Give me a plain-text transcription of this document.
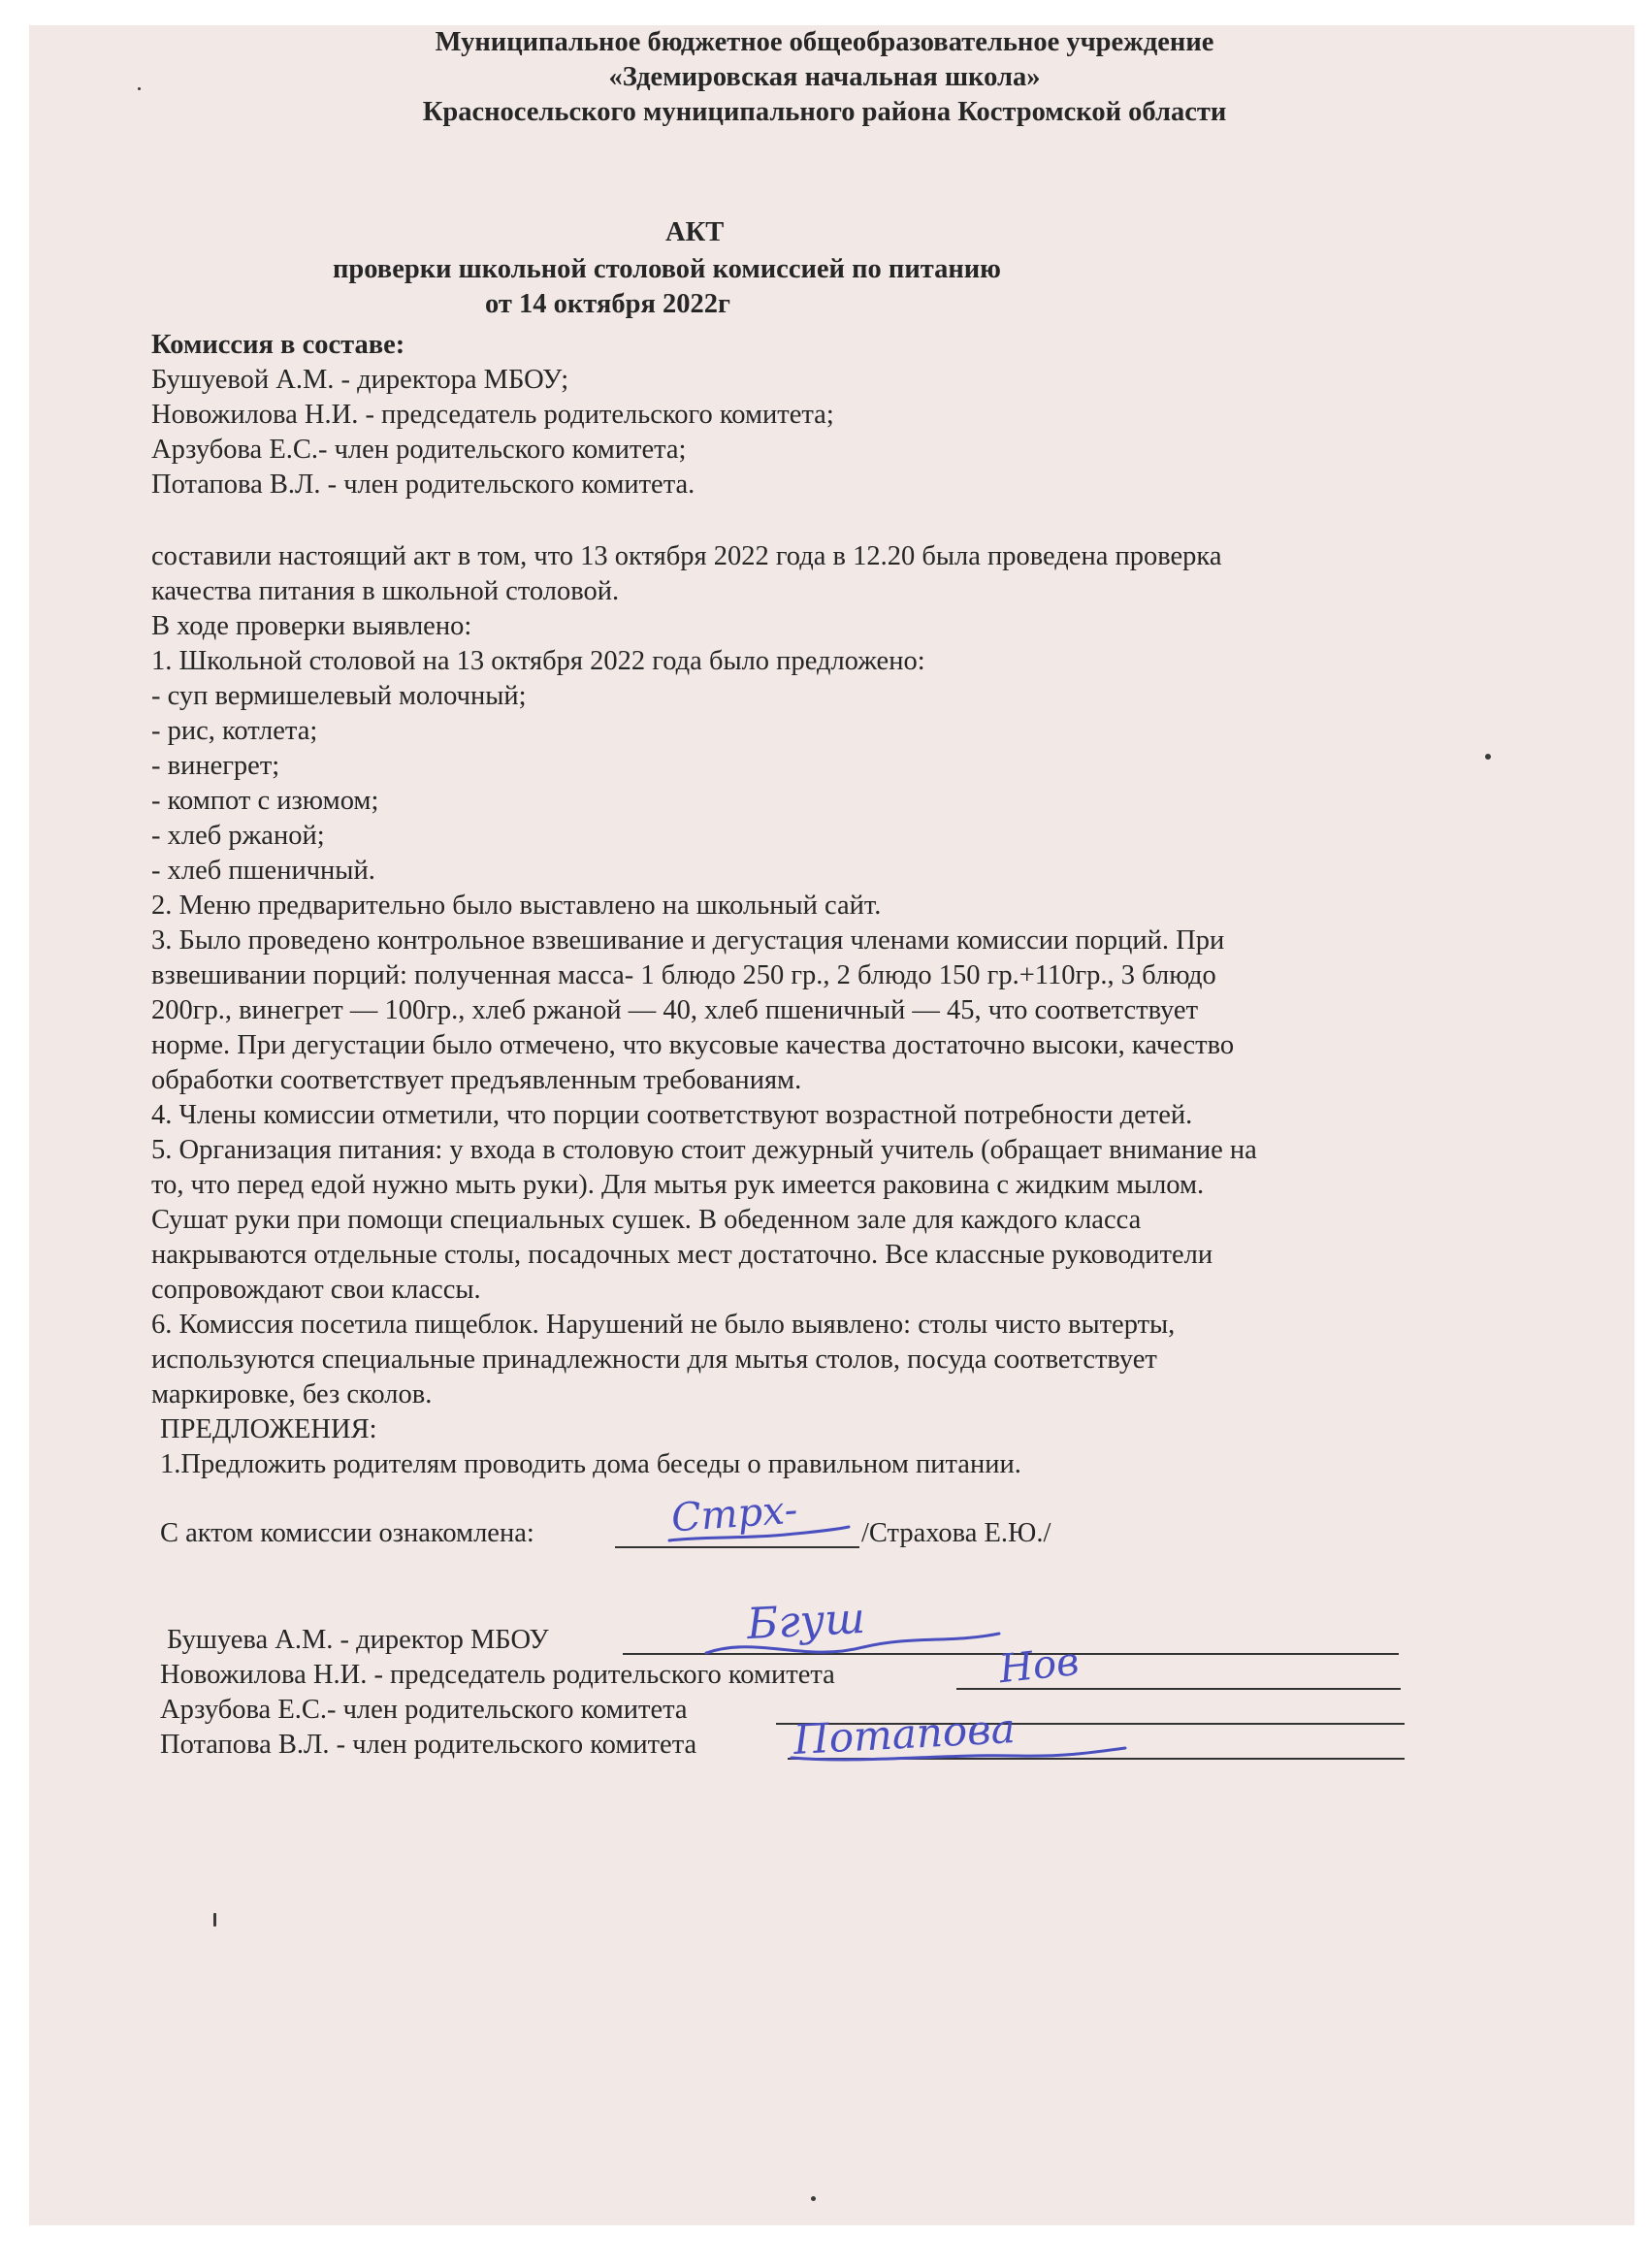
Муниципальное бюджетное общеобразовательное учреждение
«Здемировская начальная школа»
Красносельского муниципального района Костромской области
АКТ
проверки школьной столовой комиссией по питанию
от 14 октября 2022г
Комиссия в составе:
Бушуевой А.М. - директора МБОУ;
Новожилова Н.И. - председатель родительского комитета;
Арзубова Е.С.- член родительского комитета;
Потапова В.Л. - член родительского комитета.
составили настоящий акт в том, что 13 октября 2022 года в 12.20 была проведена проверка
качества питания в школьной столовой.
В ходе проверки выявлено:
1. Школьной столовой на 13 октября 2022 года было предложено:
- суп вермишелевый молочный;
- рис, котлета;
- винегрет;
- компот с изюмом;
- хлеб ржаной;
- хлеб пшеничный.
2. Меню предварительно было выставлено на школьный сайт.
3. Было проведено контрольное взвешивание и дегустация членами комиссии порций. При
взвешивании порций: полученная масса- 1 блюдо 250 гр., 2 блюдо 150 гр.+110гр., 3 блюдо
200гр., винегрет — 100гр., хлеб ржаной — 40, хлеб пшеничный — 45, что соответствует
норме. При дегустации было отмечено, что вкусовые качества достаточно высоки, качество
обработки соответствует предъявленным требованиям.
4. Члены комиссии отметили, что порции соответствуют возрастной потребности детей.
5. Организация питания: у входа в столовую стоит дежурный учитель (обращает внимание на
то, что перед едой нужно мыть руки). Для мытья рук имеется раковина с жидким мылом.
Сушат руки при помощи специальных сушек. В обеденном зале для каждого класса
накрываются отдельные столы, посадочных мест достаточно. Все классные руководители
сопровождают свои классы.
6. Комиссия посетила пищеблок. Нарушений не было выявлено: столы чисто вытерты,
используются специальные принадлежности для мытья столов, посуда соответствует
маркировке, без сколов.
ПРЕДЛОЖЕНИЯ:
1.Предложить родителям проводить дома беседы о правильном питании.
С актом комиссии ознакомлена:	Стрх- /Страхова Е.Ю./
Бушуева А.М. - директор МБОУ	Бгуш
Новожилова Н.И. - председатель родительского комитета	Нов
Арзубова Е.С.- член родительского комитета
Потапова В.Л. - член родительского комитета Потапова
